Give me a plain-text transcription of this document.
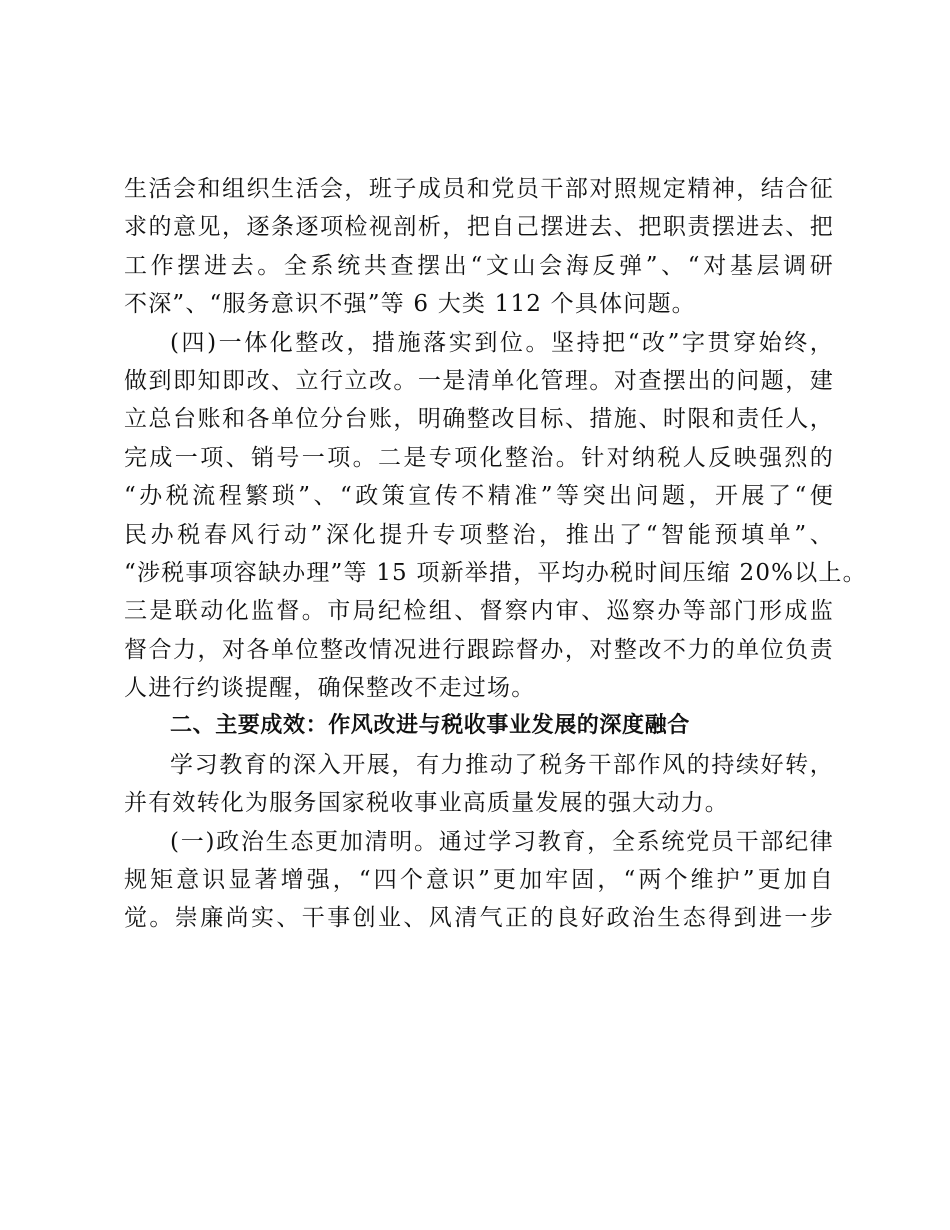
生活会和组织生活会，班子成员和党员干部对照规定精神，结合征
求的意见，逐条逐项检视剖析，把自己摆进去、把职责摆进去、把
工作摆进去。全系统共查摆出“文山会海反弹”、“对基层调研
不深”、“服务意识不强”等 6 大类 112 个具体问题。
(四)一体化整改，措施落实到位。坚持把“改”字贯穿始终，
做到即知即改、立行立改。一是清单化管理。对查摆出的问题，建
立总台账和各单位分台账，明确整改目标、措施、时限和责任人，
完成一项、销号一项。二是专项化整治。针对纳税人反映强烈的
“办税流程繁琐”、“政策宣传不精准”等突出问题，开展了“便
民办税春风行动”深化提升专项整治，推出了“智能预填单”、
“涉税事项容缺办理”等 15 项新举措，平均办税时间压缩 20%以上。
三是联动化监督。市局纪检组、督察内审、巡察办等部门形成监
督合力，对各单位整改情况进行跟踪督办，对整改不力的单位负责
人进行约谈提醒，确保整改不走过场。
二、主要成效：作风改进与税收事业发展的深度融合
学习教育的深入开展，有力推动了税务干部作风的持续好转，
并有效转化为服务国家税收事业高质量发展的强大动力。
(一)政治生态更加清明。通过学习教育，全系统党员干部纪律
规矩意识显著增强，“四个意识”更加牢固，“两个维护”更加自
觉。崇廉尚实、干事创业、风清气正的良好政治生态得到进一步
